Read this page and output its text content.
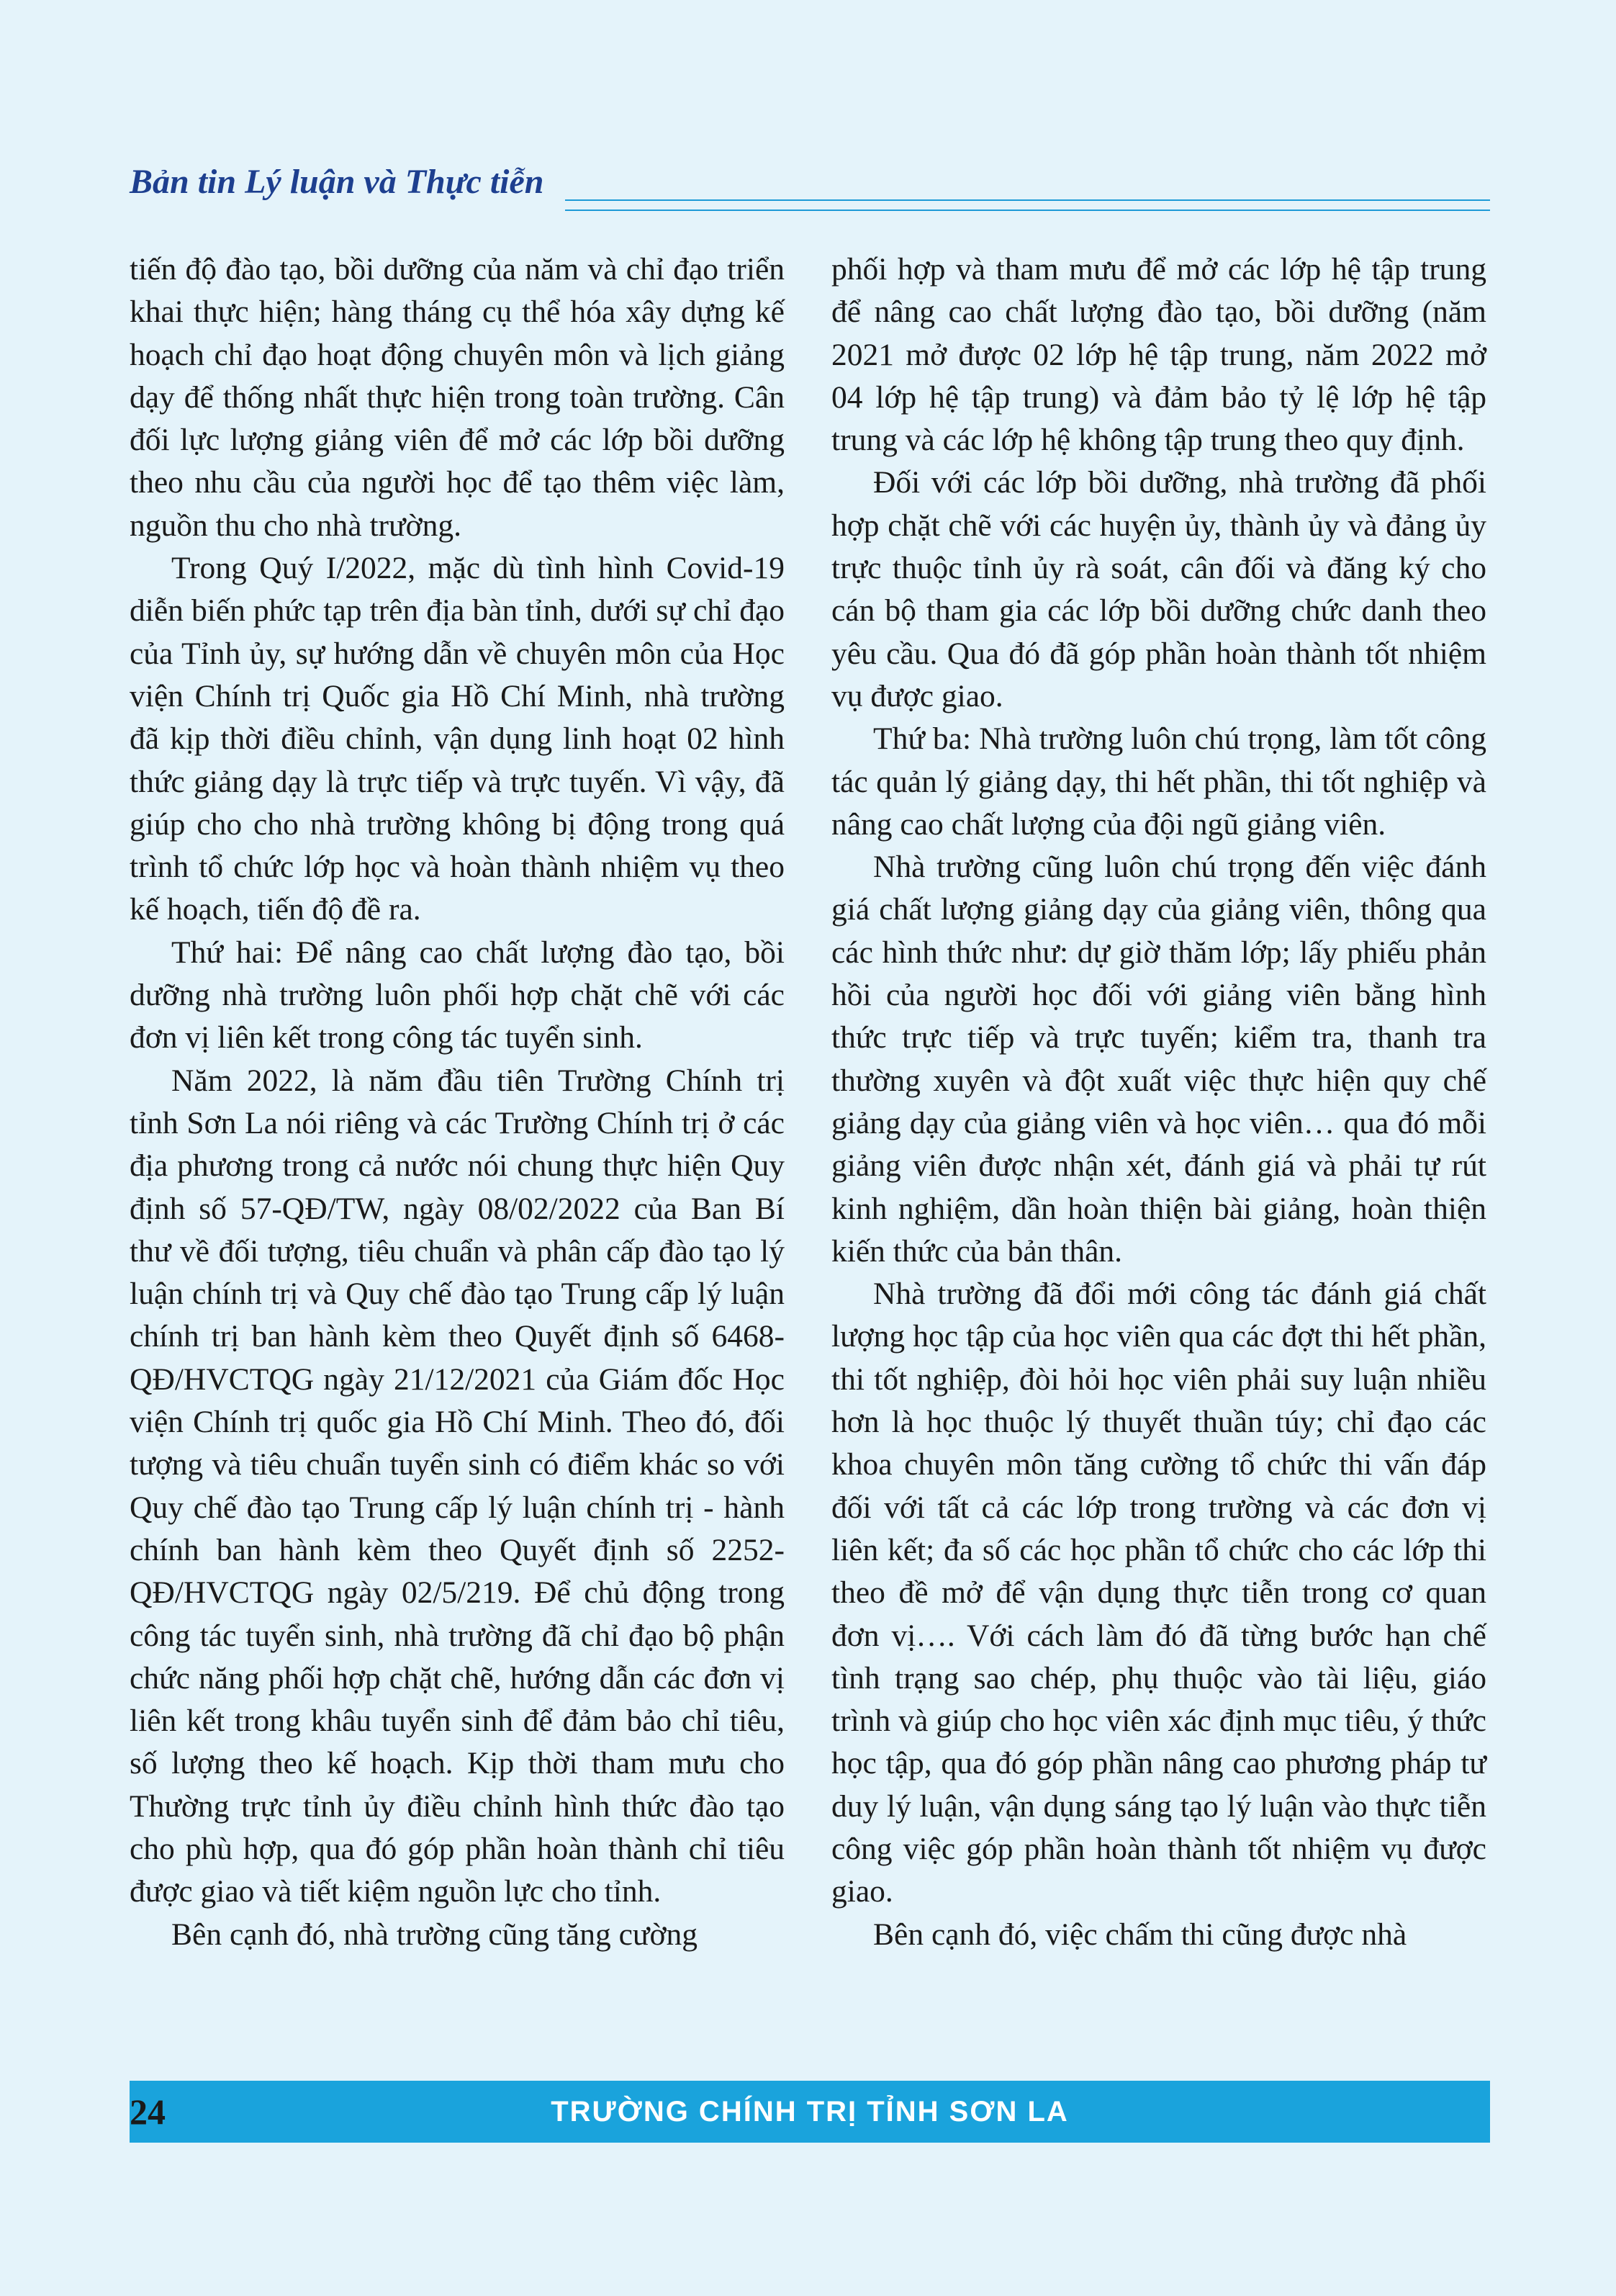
Bản tin Lý luận và Thực tiễn

tiến độ đào tạo, bồi dưỡng của năm và chỉ đạo triển khai thực hiện; hàng tháng cụ thể hóa xây dựng kế hoạch chỉ đạo hoạt động chuyên môn và lịch giảng dạy để thống nhất thực hiện trong toàn trường. Cân đối lực lượng giảng viên để mở các lớp bồi dưỡng theo nhu cầu của người học để tạo thêm việc làm, nguồn thu cho nhà trường.

Trong Quý I/2022, mặc dù tình hình Covid-19 diễn biến phức tạp trên địa bàn tỉnh, dưới sự chỉ đạo của Tỉnh ủy, sự hướng dẫn về chuyên môn của Học viện Chính trị Quốc gia Hồ Chí Minh, nhà trường đã kịp thời điều chỉnh, vận dụng linh hoạt 02 hình thức giảng dạy là trực tiếp và trực tuyến. Vì vậy, đã giúp cho cho nhà trường không bị động trong quá trình tổ chức lớp học và hoàn thành nhiệm vụ theo kế hoạch, tiến độ đề ra.

Thứ hai: Để nâng cao chất lượng đào tạo, bồi dưỡng nhà trường luôn phối hợp chặt chẽ với các đơn vị liên kết trong công tác tuyển sinh.

Năm 2022, là năm đầu tiên Trường Chính trị tỉnh Sơn La nói riêng và các Trường Chính trị ở các địa phương trong cả nước nói chung thực hiện Quy định số 57-QĐ/TW, ngày 08/02/2022 của Ban Bí thư về đối tượng, tiêu chuẩn và phân cấp đào tạo lý luận chính trị và Quy chế đào tạo Trung cấp lý luận chính trị ban hành kèm theo Quyết định số 6468-QĐ/HVCTQG ngày 21/12/2021 của Giám đốc Học viện Chính trị quốc gia Hồ Chí Minh. Theo đó, đối tượng và tiêu chuẩn tuyển sinh có điểm khác so với Quy chế đào tạo Trung cấp lý luận chính trị - hành chính ban hành kèm theo Quyết định số 2252-QĐ/HVCTQG ngày 02/5/219. Để chủ động trong công tác tuyển sinh, nhà trường đã chỉ đạo bộ phận chức năng phối hợp chặt chẽ, hướng dẫn các đơn vị liên kết trong khâu tuyển sinh để đảm bảo chỉ tiêu, số lượng theo kế hoạch. Kịp thời tham mưu cho Thường trực tỉnh ủy điều chỉnh hình thức đào tạo cho phù hợp, qua đó góp phần hoàn thành chỉ tiêu được giao và tiết kiệm nguồn lực cho tỉnh.

Bên cạnh đó, nhà trường cũng tăng cường

phối hợp và tham mưu để mở các lớp hệ tập trung để nâng cao chất lượng đào tạo, bồi dưỡng (năm 2021 mở được 02 lớp hệ tập trung, năm 2022 mở 04 lớp hệ tập trung) và đảm bảo tỷ lệ lớp hệ tập trung và các lớp hệ không tập trung theo quy định.

Đối với các lớp bồi dưỡng, nhà trường đã phối hợp chặt chẽ với các huyện ủy, thành ủy và đảng ủy trực thuộc tỉnh ủy rà soát, cân đối và đăng ký cho cán bộ tham gia các lớp bồi dưỡng chức danh theo yêu cầu. Qua đó đã góp phần hoàn thành tốt nhiệm vụ được giao.

Thứ ba: Nhà trường luôn chú trọng, làm tốt công tác quản lý giảng dạy, thi hết phần, thi tốt nghiệp và nâng cao chất lượng của đội ngũ giảng viên.

Nhà trường cũng luôn chú trọng đến việc đánh giá chất lượng giảng dạy của giảng viên, thông qua các hình thức như: dự giờ thăm lớp; lấy phiếu phản hồi của người học đối với giảng viên bằng hình thức trực tiếp và trực tuyến; kiểm tra, thanh tra thường xuyên và đột xuất việc thực hiện quy chế giảng dạy của giảng viên và học viên… qua đó mỗi giảng viên được nhận xét, đánh giá và phải tự rút kinh nghiệm, dần hoàn thiện bài giảng, hoàn thiện kiến thức của bản thân.

Nhà trường đã đổi mới công tác đánh giá chất lượng học tập của học viên qua các đợt thi hết phần, thi tốt nghiệp, đòi hỏi học viên phải suy luận nhiều hơn là học thuộc lý thuyết thuần túy; chỉ đạo các khoa chuyên môn tăng cường tổ chức thi vấn đáp đối với tất cả các lớp trong trường và các đơn vị liên kết; đa số các học phần tổ chức cho các lớp thi theo đề mở để vận dụng thực tiễn trong cơ quan đơn vị…. Với cách làm đó đã từng bước hạn chế tình trạng sao chép, phụ thuộc vào tài liệu, giáo trình và giúp cho học viên xác định mục tiêu, ý thức học tập, qua đó góp phần nâng cao phương pháp tư duy lý luận, vận dụng sáng tạo lý luận vào thực tiễn công việc góp phần hoàn thành tốt nhiệm vụ được giao.

Bên cạnh đó, việc chấm thi cũng được nhà

24	TRƯỜNG CHÍNH TRỊ TỈNH SƠN LA
